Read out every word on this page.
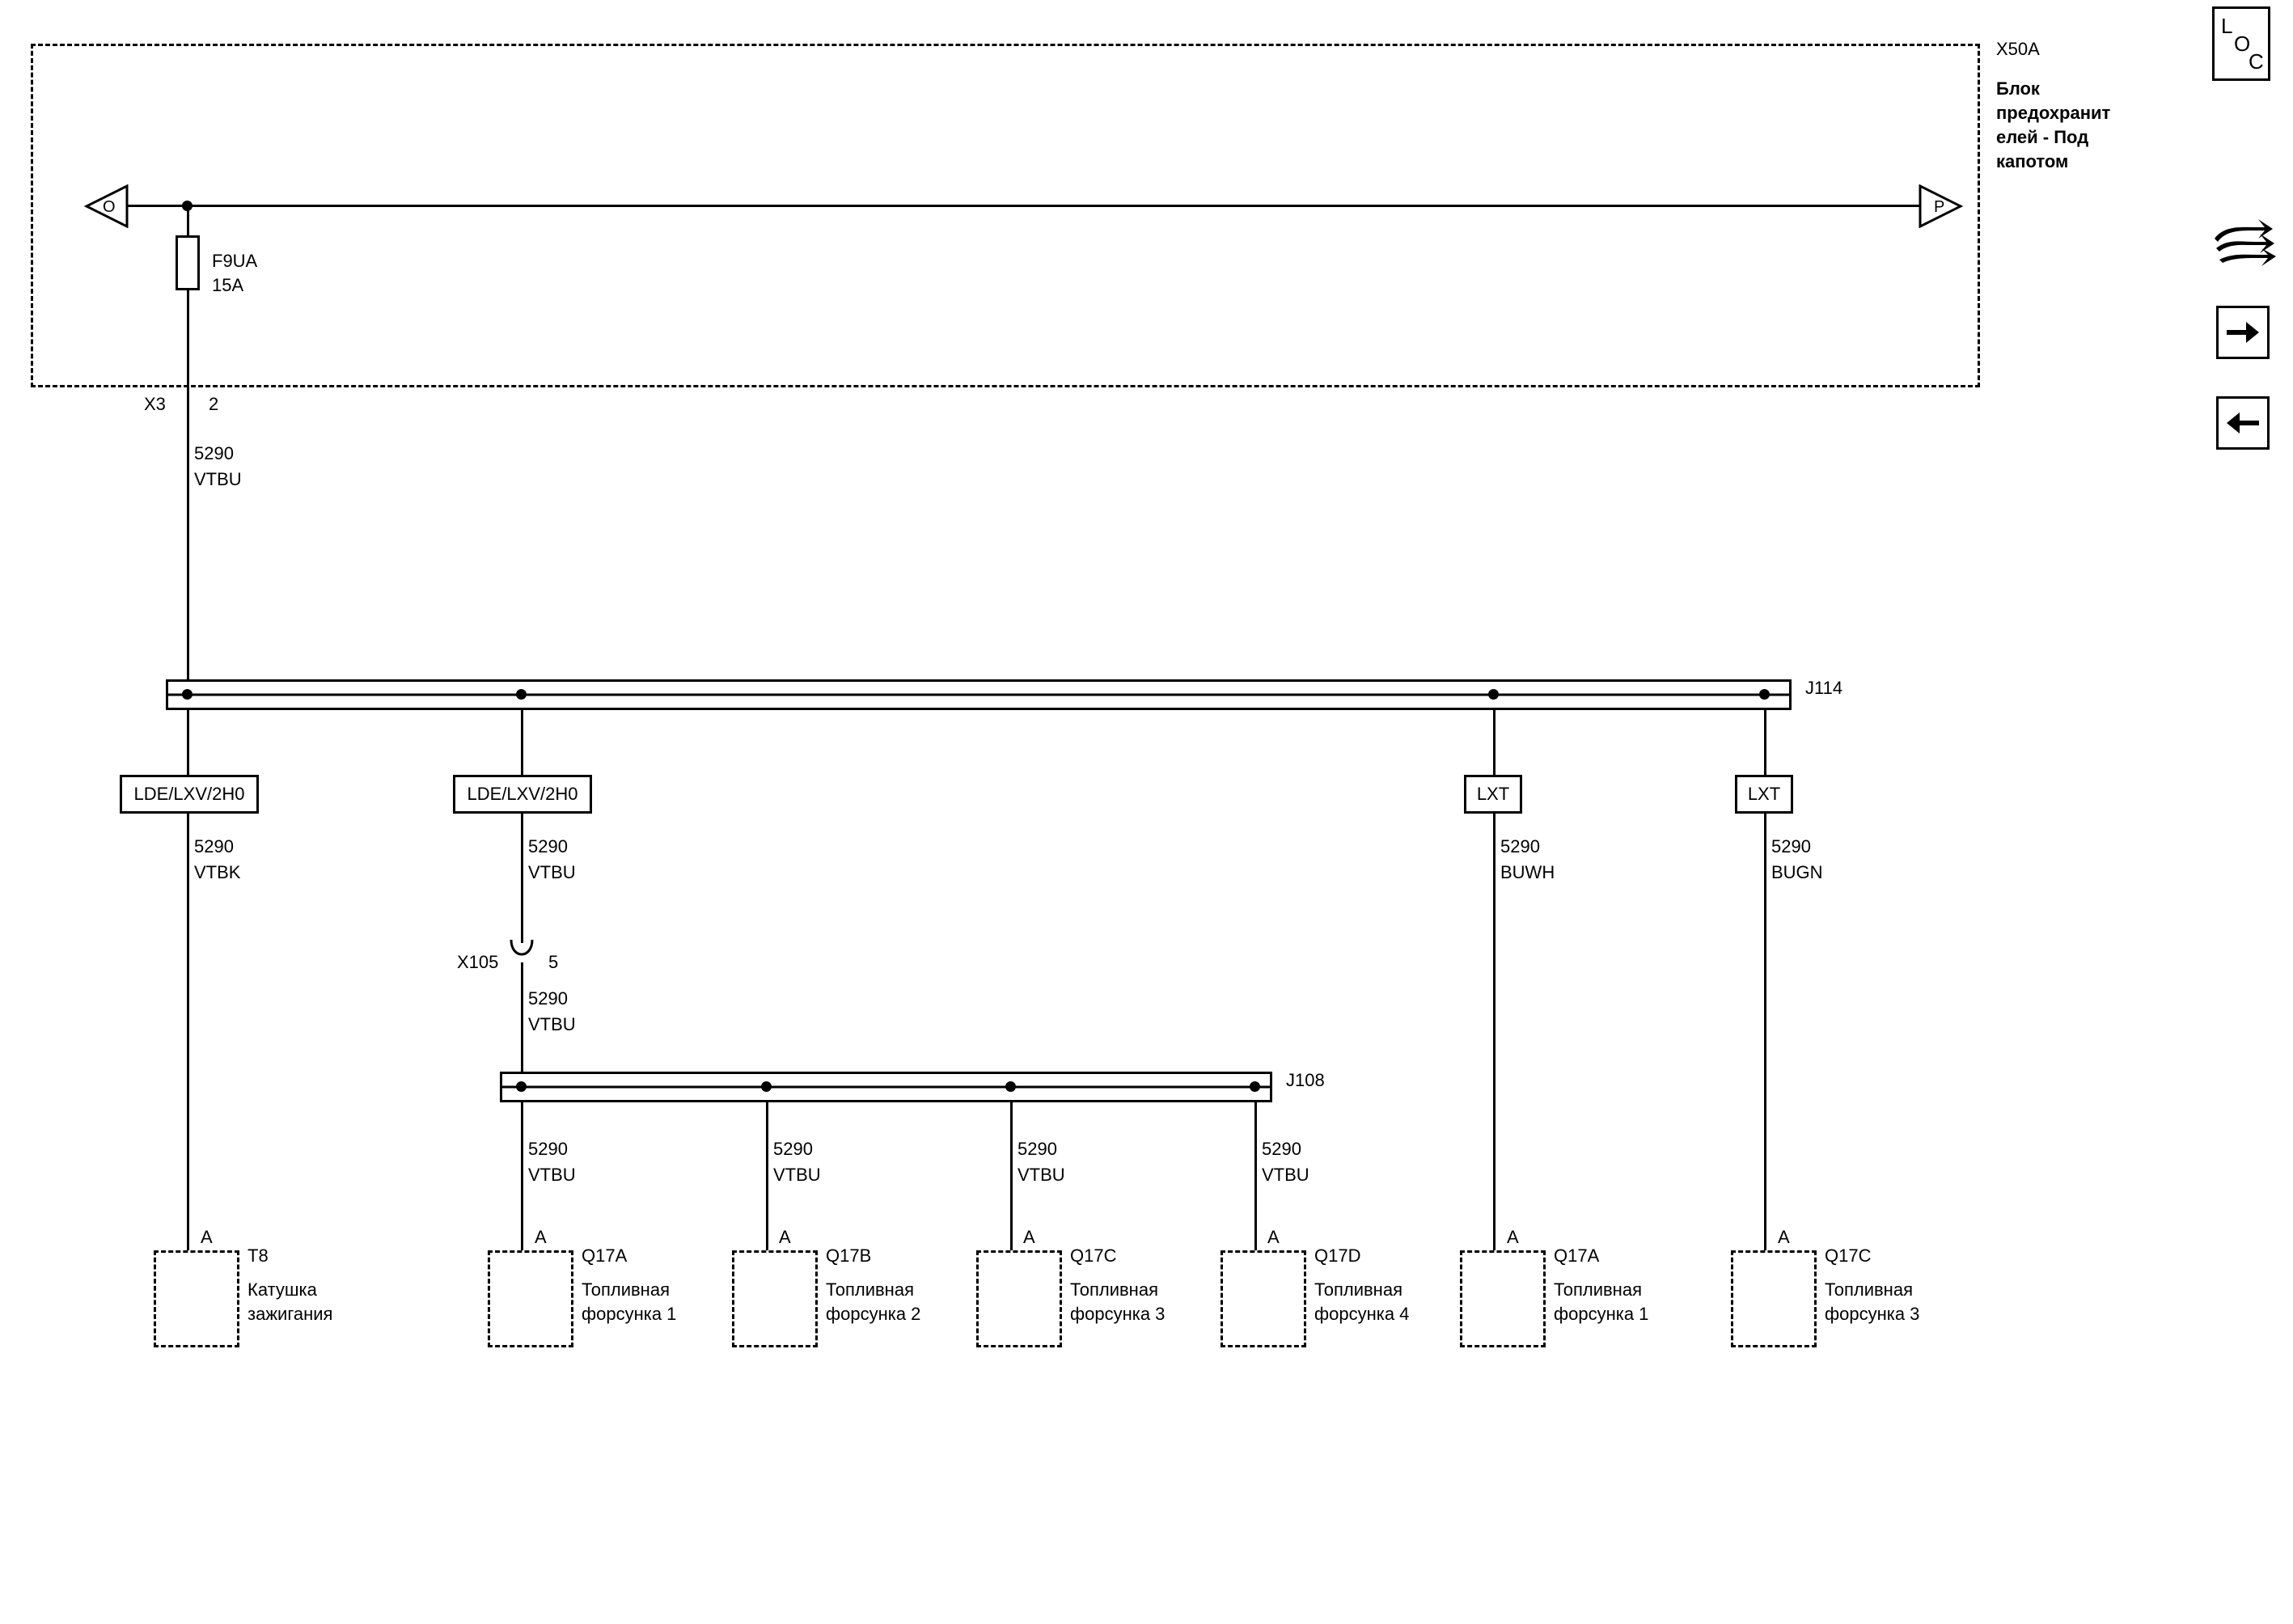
X50A
Блок предохранит елей - Под капотом
O	P
F9UA
15A
X3 2
5290
VTBU
J114
LDE/LXV/2H0	LDE/LXV/2H0	LXT	LXT
5290
VTBK
A
T8
Катушка зажигания
5290
VTBU
X105	5
5290
VTBU
J108
5290
VTBU
5290
VTBU
5290
VTBU
5290
VTBU
A
Q17A
Топливная форсунка 1
A
Q17B
Топливная форсунка 2
A
Q17C
Топливная форсунка 3
A
Q17D
Топливная форсунка 4
5290
BUWH
A
Q17A
Топливная форсунка 1
5290
BUGN
A
Q17C
Топливная форсунка 3
L
O
C
